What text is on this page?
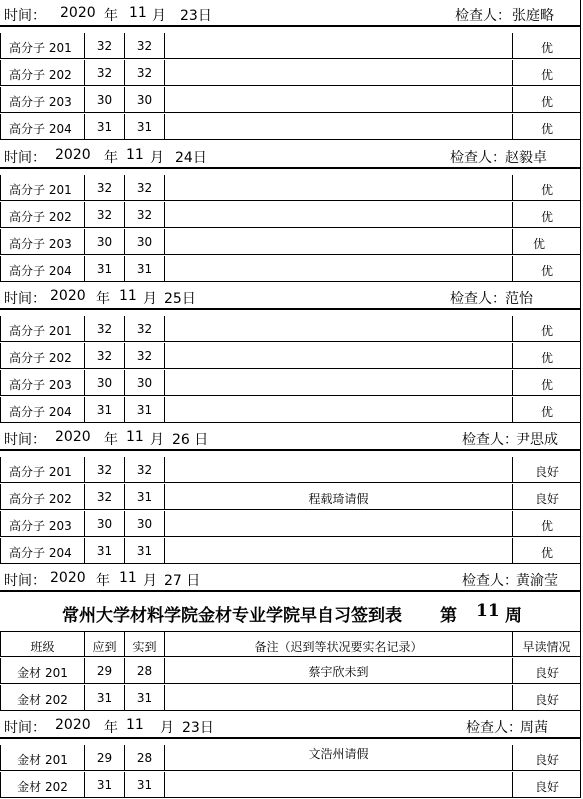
时间： 2020 年 11 月 23日	检查人： 张庭略
高分子 201 32 32	优
高分子 202 32 32	优
高分子 203 30 30	优
高分子 204 31 31	优
时间： 2020 年 11 月 24日	检查人： 赵毅卓
高分子 201 32 32	优
高分子 202 32 32	优
高分子 203 30 30	优
高分子 204 31 31	优
时间： 2020 年 11 月 25日	检查人： 范怡
高分子 201 32 32	优
高分子 202 32 32	优
高分子 203 30 30	优
高分子 204 31 31	优
时间： 2020 年 11 月 26 日	检查人：
尹思成
高分子 201 32 32	良好
高分子 202 32 31	程载琦请假	良好
高分子 203 30 30	优
高分子 204 31 31	优
时间： 2020 年 11 月 27 日	检查人：
黄渝莹
常州大学材料学院金材专业学院早自习签到表 第 11 周
班级	应到 实到	备注（迟到等状况要实名记录）	早读情况
金材 201 29 28	蔡宇欣未到	良好
金材 202 31 31	良好
时间： 2020 年 11 月 23日	检查人：
周茜
金材 201 29 28	文浩州请假	良好
金材 202 31 31	良好
